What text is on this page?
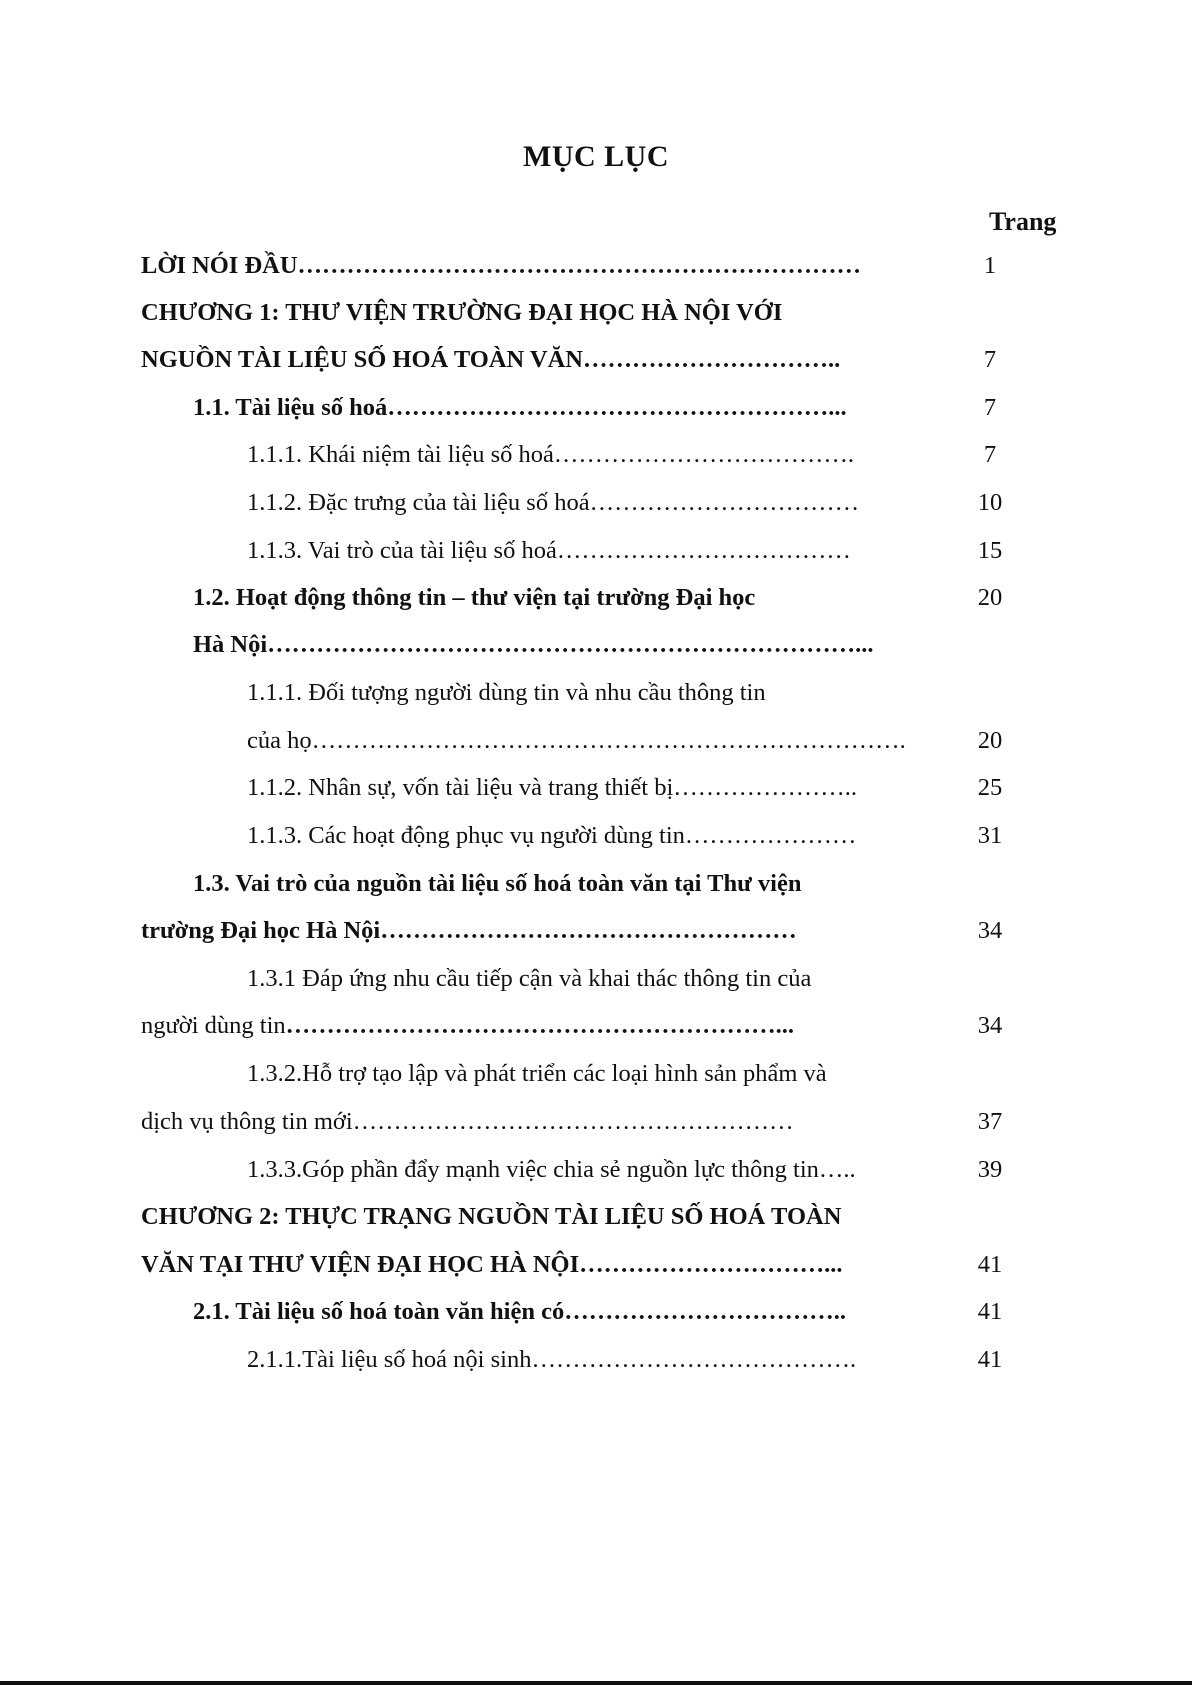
MỤC LỤC
Trang
LỜI NÓI ĐẦU……………………………………………………………	1
CHƯƠNG 1: THƯ VIỆN TRƯỜNG ĐẠI HỌC HÀ NỘI VỚI
NGUỒN TÀI LIỆU SỐ HOÁ TOÀN VĂN…………………………..	7
1.1. Tài liệu số hoá………………………………………………...	7
1.1.1. Khái niệm tài liệu số hoá……………………………….	7
1.1.2. Đặc trưng của tài liệu số hoá……………………………	10
1.1.3. Vai trò của tài liệu số hoá………………………………	15
1.2. Hoạt động thông tin – thư viện tại trường Đại học	20
Hà Nội………………………………………………………………...
1.1.1. Đối tượng người dùng tin và nhu cầu thông tin
của họ……………………………………………………………….	20
1.1.2. Nhân sự, vốn tài liệu và trang thiết bị…………………..	25
1.1.3. Các hoạt động phục vụ người dùng tin…………………	31
1.3. Vai trò của nguồn tài liệu số hoá toàn văn tại Thư viện
trường Đại học Hà Nội……………………………………………	34
1.3.1 Đáp ứng nhu cầu tiếp cận và khai thác thông tin của
người dùng tin……………………………………………………...	34
1.3.2.Hỗ trợ tạo lập và phát triển các loại hình sản phẩm và
dịch vụ thông tin mới………………………………………………	37
1.3.3.Góp phần đẩy mạnh việc chia sẻ nguồn lực thông tin…..	39
CHƯƠNG 2: THỰC TRẠNG NGUỒN TÀI LIỆU SỐ HOÁ TOÀN
VĂN TẠI THƯ VIỆN ĐẠI HỌC HÀ NỘI…………………………...	41
2.1. Tài liệu số hoá toàn văn hiện có……………………………..	41
2.1.1.Tài liệu số hoá nội sinh………………………………….	41
